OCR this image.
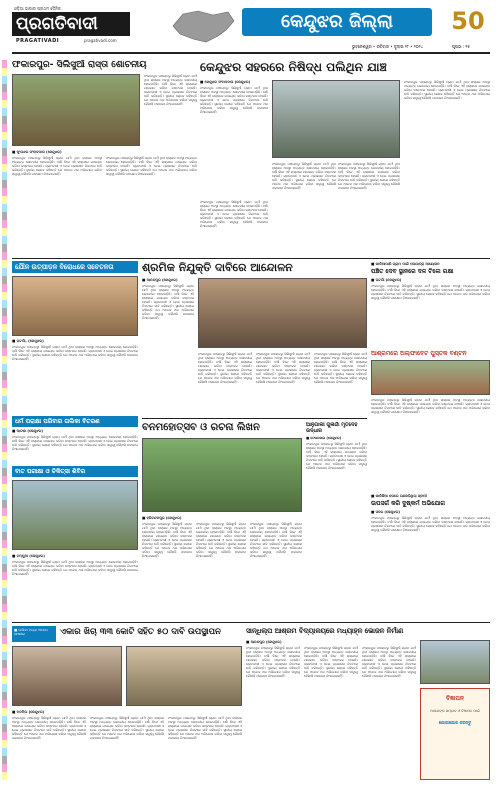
ଓଡ଼ିଆ ଭାଷାର ପ୍ରଥମ ଦୈନିକ
ପ୍ରଗତିବାଦୀ
PRAGATIVADI	pragativadi.com
କେନ୍ଦୁଝର ଜିଲ୍ଲା	50
ଭୁବନେଶ୍ୱର • ରବିବାର • ଜୁଲାଇ ୨୮ • ୨୦୨୪	ପୃଷ୍ଠା : ୧୫
ଫକାରପୁର- ସିଲିସୁଆଁ ରାସ୍ତା ଶୋଚନୀୟ
ଫକାରପୁର ପଞ୍ଚାୟତରୁ ସିଲିସୁଆଁ ଗ୍ରାମ ଯାଏଁ ଥିବା ରାସ୍ତାର ଅବସ୍ଥା ଅତ୍ୟନ୍ତ ଶୋଚନୀୟ ହୋଇପଡ଼ିଛି। ବର୍ଷା ଦିନେ ଏହି ରାସ୍ତାରେ ଯାତାୟାତ କରିବା କଷ୍ଟକର ହେଉଛି। ଗ୍ରାମବାସୀ ଏ ନେଇ ପ୍ରଶାସନ ନିକଟରେ ଦାବି କରିଛନ୍ତି। ସ୍ଥାନୀୟ ଲୋକେ କହିଛନ୍ତି ଯେ ଅନେକ ଥର ଅଭିଯୋଗ କରିବା ସତ୍ତ୍ୱେ କୌଣସି ପଦକ୍ଷେପ ନିଆଯାଇନାହିଁ।
■ ଫୁଲଝର ସଂବାଦଦାତା (କେନ୍ଦୁଝର)
ଫକାରପୁର ପଞ୍ଚାୟତରୁ ସିଲିସୁଆଁ ଗ୍ରାମ ଯାଏଁ ଥିବା ରାସ୍ତାର ଅବସ୍ଥା ଅତ୍ୟନ୍ତ ଶୋଚନୀୟ ହୋଇପଡ଼ିଛି। ବର୍ଷା ଦିନେ ଏହି ରାସ୍ତାରେ ଯାତାୟାତ କରିବା କଷ୍ଟକର ହେଉଛି। ଗ୍ରାମବାସୀ ଏ ନେଇ ପ୍ରଶାସନ ନିକଟରେ ଦାବି କରିଛନ୍ତି। ସ୍ଥାନୀୟ ଲୋକେ କହିଛନ୍ତି ଯେ ଅନେକ ଥର ଅଭିଯୋଗ କରିବା ସତ୍ତ୍ୱେ କୌଣସି ପଦକ୍ଷେପ ନିଆଯାଇନାହିଁ।
ଫକାରପୁର ପଞ୍ଚାୟତରୁ ସିଲିସୁଆଁ ଗ୍ରାମ ଯାଏଁ ଥିବା ରାସ୍ତାର ଅବସ୍ଥା ଅତ୍ୟନ୍ତ ଶୋଚନୀୟ ହୋଇପଡ଼ିଛି। ବର୍ଷା ଦିନେ ଏହି ରାସ୍ତାରେ ଯାତାୟାତ କରିବା କଷ୍ଟକର ହେଉଛି। ଗ୍ରାମବାସୀ ଏ ନେଇ ପ୍ରଶାସନ ନିକଟରେ ଦାବି କରିଛନ୍ତି। ସ୍ଥାନୀୟ ଲୋକେ କହିଛନ୍ତି ଯେ ଅନେକ ଥର ଅଭିଯୋଗ କରିବା ସତ୍ତ୍ୱେ କୌଣସି ପଦକ୍ଷେପ ନିଆଯାଇନାହିଁ।
କେନ୍ଦୁଝର ସହରରେ ନିଷିଦ୍ଧ ପଲିଥିନ ଯାଞ୍ଚ
■ କେନ୍ଦୁଝର ସଂବାଦଦାତା (କେନ୍ଦୁଝର)
ଫକାରପୁର ପଞ୍ଚାୟତରୁ ସିଲିସୁଆଁ ଗ୍ରାମ ଯାଏଁ ଥିବା ରାସ୍ତାର ଅବସ୍ଥା ଅତ୍ୟନ୍ତ ଶୋଚନୀୟ ହୋଇପଡ଼ିଛି। ବର୍ଷା ଦିନେ ଏହି ରାସ୍ତାରେ ଯାତାୟାତ କରିବା କଷ୍ଟକର ହେଉଛି। ଗ୍ରାମବାସୀ ଏ ନେଇ ପ୍ରଶାସନ ନିକଟରେ ଦାବି କରିଛନ୍ତି। ସ୍ଥାନୀୟ ଲୋକେ କହିଛନ୍ତି ଯେ ଅନେକ ଥର ଅଭିଯୋଗ କରିବା ସତ୍ତ୍ୱେ କୌଣସି ପଦକ୍ଷେପ ନିଆଯାଇନାହିଁ।
ଫକାରପୁର ପଞ୍ଚାୟତରୁ ସିଲିସୁଆଁ ଗ୍ରାମ ଯାଏଁ ଥିବା ରାସ୍ତାର ଅବସ୍ଥା ଅତ୍ୟନ୍ତ ଶୋଚନୀୟ ହୋଇପଡ଼ିଛି। ବର୍ଷା ଦିନେ ଏହି ରାସ୍ତାରେ ଯାତାୟାତ କରିବା କଷ୍ଟକର ହେଉଛି। ଗ୍ରାମବାସୀ ଏ ନେଇ ପ୍ରଶାସନ ନିକଟରେ ଦାବି କରିଛନ୍ତି। ସ୍ଥାନୀୟ ଲୋକେ କହିଛନ୍ତି ଯେ ଅନେକ ଥର ଅଭିଯୋଗ କରିବା ସତ୍ତ୍ୱେ କୌଣସି ପଦକ୍ଷେପ ନିଆଯାଇନାହିଁ।
ଫକାରପୁର ପଞ୍ଚାୟତରୁ ସିଲିସୁଆଁ ଗ୍ରାମ ଯାଏଁ ଥିବା ରାସ୍ତାର ଅବସ୍ଥା ଅତ୍ୟନ୍ତ ଶୋଚନୀୟ ହୋଇପଡ଼ିଛି। ବର୍ଷା ଦିନେ ଏହି ରାସ୍ତାରେ ଯାତାୟାତ କରିବା କଷ୍ଟକର ହେଉଛି। ଗ୍ରାମବାସୀ ଏ ନେଇ ପ୍ରଶାସନ ନିକଟରେ ଦାବି କରିଛନ୍ତି। ସ୍ଥାନୀୟ ଲୋକେ କହିଛନ୍ତି ଯେ ଅନେକ ଥର ଅଭିଯୋଗ କରିବା ସତ୍ତ୍ୱେ କୌଣସି ପଦକ୍ଷେପ ନିଆଯାଇନାହିଁ।
ଫକାରପୁର ପଞ୍ଚାୟତରୁ ସିଲିସୁଆଁ ଗ୍ରାମ ଯାଏଁ ଥିବା ରାସ୍ତାର ଅବସ୍ଥା ଅତ୍ୟନ୍ତ ଶୋଚନୀୟ ହୋଇପଡ଼ିଛି। ବର୍ଷା ଦିନେ ଏହି ରାସ୍ତାରେ ଯାତାୟାତ କରିବା କଷ୍ଟକର ହେଉଛି। ଗ୍ରାମବାସୀ ଏ ନେଇ ପ୍ରଶାସନ ନିକଟରେ ଦାବି କରିଛନ୍ତି। ସ୍ଥାନୀୟ ଲୋକେ କହିଛନ୍ତି ଯେ ଅନେକ ଥର ଅଭିଯୋଗ କରିବା ସତ୍ତ୍ୱେ କୌଣସି ପଦକ୍ଷେପ ନିଆଯାଇନାହିଁ।
ଫକାରପୁର ପଞ୍ଚାୟତରୁ ସିଲିସୁଆଁ ଗ୍ରାମ ଯାଏଁ ଥିବା ରାସ୍ତାର ଅବସ୍ଥା ଅତ୍ୟନ୍ତ ଶୋଚନୀୟ ହୋଇପଡ଼ିଛି। ବର୍ଷା ଦିନେ ଏହି ରାସ୍ତାରେ ଯାତାୟାତ କରିବା କଷ୍ଟକର ହେଉଛି। ଗ୍ରାମବାସୀ ଏ ନେଇ ପ୍ରଶାସନ ନିକଟରେ ଦାବି କରିଛନ୍ତି। ସ୍ଥାନୀୟ ଲୋକେ କହିଛନ୍ତି ଯେ ଅନେକ ଥର ଅଭିଯୋଗ କରିବା ସତ୍ତ୍ୱେ କୌଣସି ପଦକ୍ଷେପ ନିଆଯାଇନାହିଁ।
ଯୌନ ଉତ୍ପୀଡ଼ନ ବିରୋଧରେ ସଚେତନତା
■ ଘଟଗାଁ, (କେନ୍ଦୁଝର)
ଫକାରପୁର ପଞ୍ଚାୟତରୁ ସିଲିସୁଆଁ ଗ୍ରାମ ଯାଏଁ ଥିବା ରାସ୍ତାର ଅବସ୍ଥା ଅତ୍ୟନ୍ତ ଶୋଚନୀୟ ହୋଇପଡ଼ିଛି। ବର୍ଷା ଦିନେ ଏହି ରାସ୍ତାରେ ଯାତାୟାତ କରିବା କଷ୍ଟକର ହେଉଛି। ଗ୍ରାମବାସୀ ଏ ନେଇ ପ୍ରଶାସନ ନିକଟରେ ଦାବି କରିଛନ୍ତି। ସ୍ଥାନୀୟ ଲୋକେ କହିଛନ୍ତି ଯେ ଅନେକ ଥର ଅଭିଯୋଗ କରିବା ସତ୍ତ୍ୱେ କୌଣସି ପଦକ୍ଷେପ ନିଆଯାଇନାହିଁ।
ଶ୍ରମିକ ନିଯୁକ୍ତି ଦାବିରେ ଆନ୍ଦୋଳନ
■ ଆନନ୍ଦପୁର (କେନ୍ଦୁଝର)
ଫକାରପୁର ପଞ୍ଚାୟତରୁ ସିଲିସୁଆଁ ଗ୍ରାମ ଯାଏଁ ଥିବା ରାସ୍ତାର ଅବସ୍ଥା ଅତ୍ୟନ୍ତ ଶୋଚନୀୟ ହୋଇପଡ଼ିଛି। ବର୍ଷା ଦିନେ ଏହି ରାସ୍ତାରେ ଯାତାୟାତ କରିବା କଷ୍ଟକର ହେଉଛି। ଗ୍ରାମବାସୀ ଏ ନେଇ ପ୍ରଶାସନ ନିକଟରେ ଦାବି କରିଛନ୍ତି। ସ୍ଥାନୀୟ ଲୋକେ କହିଛନ୍ତି ଯେ ଅନେକ ଥର ଅଭିଯୋଗ କରିବା ସତ୍ତ୍ୱେ କୌଣସି ପଦକ୍ଷେପ ନିଆଯାଇନାହିଁ।
ଫକାରପୁର ପଞ୍ଚାୟତରୁ ସିଲିସୁଆଁ ଗ୍ରାମ ଯାଏଁ ଥିବା ରାସ୍ତାର ଅବସ୍ଥା ଅତ୍ୟନ୍ତ ଶୋଚନୀୟ ହୋଇପଡ଼ିଛି। ବର୍ଷା ଦିନେ ଏହି ରାସ୍ତାରେ ଯାତାୟାତ କରିବା କଷ୍ଟକର ହେଉଛି। ଗ୍ରାମବାସୀ ଏ ନେଇ ପ୍ରଶାସନ ନିକଟରେ ଦାବି କରିଛନ୍ତି। ସ୍ଥାନୀୟ ଲୋକେ କହିଛନ୍ତି ଯେ ଅନେକ ଥର ଅଭିଯୋଗ କରିବା ସତ୍ତ୍ୱେ କୌଣସି ପଦକ୍ଷେପ ନିଆଯାଇନାହିଁ।
ଫକାରପୁର ପଞ୍ଚାୟତରୁ ସିଲିସୁଆଁ ଗ୍ରାମ ଯାଏଁ ଥିବା ରାସ୍ତାର ଅବସ୍ଥା ଅତ୍ୟନ୍ତ ଶୋଚନୀୟ ହୋଇପଡ଼ିଛି। ବର୍ଷା ଦିନେ ଏହି ରାସ୍ତାରେ ଯାତାୟାତ କରିବା କଷ୍ଟକର ହେଉଛି। ଗ୍ରାମବାସୀ ଏ ନେଇ ପ୍ରଶାସନ ନିକଟରେ ଦାବି କରିଛନ୍ତି। ସ୍ଥାନୀୟ ଲୋକେ କହିଛନ୍ତି ଯେ ଅନେକ ଥର ଅଭିଯୋଗ କରିବା ସତ୍ତ୍ୱେ କୌଣସି ପଦକ୍ଷେପ ନିଆଯାଇନାହିଁ।
ଫକାରପୁର ପଞ୍ଚାୟତରୁ ସିଲିସୁଆଁ ଗ୍ରାମ ଯାଏଁ ଥିବା ରାସ୍ତାର ଅବସ୍ଥା ଅତ୍ୟନ୍ତ ଶୋଚନୀୟ ହୋଇପଡ଼ିଛି। ବର୍ଷା ଦିନେ ଏହି ରାସ୍ତାରେ ଯାତାୟାତ କରିବା କଷ୍ଟକର ହେଉଛି। ଗ୍ରାମବାସୀ ଏ ନେଇ ପ୍ରଶାସନ ନିକଟରେ ଦାବି କରିଛନ୍ତି। ସ୍ଥାନୀୟ ଲୋକେ କହିଛନ୍ତି ଯେ ଅନେକ ଥର ଅଭିଯୋଗ କରିବା ସତ୍ତ୍ୱେ କୌଣସି ପଦକ୍ଷେପ ନିଆଯାଇନାହିଁ।
■ କାଳିଆପାଣି ଗ୍ରାମ ପାଇଁ ପଦଯାତ୍ରା ଆୟୋଜନ
ପଞ୍ଚିତ ଦେବ ସ୍ଥାନରେ ଦଳ ଟିଲେ ରକ୍ଷା
■ ଘଟଗାଁ (କେନ୍ଦୁଝର)
ଫକାରପୁର ପଞ୍ଚାୟତରୁ ସିଲିସୁଆଁ ଗ୍ରାମ ଯାଏଁ ଥିବା ରାସ୍ତାର ଅବସ୍ଥା ଅତ୍ୟନ୍ତ ଶୋଚନୀୟ ହୋଇପଡ଼ିଛି। ବର୍ଷା ଦିନେ ଏହି ରାସ୍ତାରେ ଯାତାୟାତ କରିବା କଷ୍ଟକର ହେଉଛି। ଗ୍ରାମବାସୀ ଏ ନେଇ ପ୍ରଶାସନ ନିକଟରେ ଦାବି କରିଛନ୍ତି। ସ୍ଥାନୀୟ ଲୋକେ କହିଛନ୍ତି ଯେ ଅନେକ ଥର ଅଭିଯୋଗ କରିବା ସତ୍ତ୍ୱେ କୌଣସି ପଦକ୍ଷେପ ନିଆଯାଇନାହିଁ।
ଆଶ୍ରମରେ ଅଲ୍ଫାବେଟ ପୁସ୍ତକ ବଣ୍ଟନ
ଧର୍ମ ପରାକ୍ଷା ପରିବାର ତାଲିକା ବିତରଣ
■ ପାଟଣା (କେନ୍ଦୁଝର)
ଫକାରପୁର ପଞ୍ଚାୟତରୁ ସିଲିସୁଆଁ ଗ୍ରାମ ଯାଏଁ ଥିବା ରାସ୍ତାର ଅବସ୍ଥା ଅତ୍ୟନ୍ତ ଶୋଚନୀୟ ହୋଇପଡ଼ିଛି। ବର୍ଷା ଦିନେ ଏହି ରାସ୍ତାରେ ଯାତାୟାତ କରିବା କଷ୍ଟକର ହେଉଛି। ଗ୍ରାମବାସୀ ଏ ନେଇ ପ୍ରଶାସନ ନିକଟରେ ଦାବି କରିଛନ୍ତି। ସ୍ଥାନୀୟ ଲୋକେ କହିଛନ୍ତି ଯେ ଅନେକ ଥର ଅଭିଯୋଗ କରିବା ସତ୍ତ୍ୱେ କୌଣସି ପଦକ୍ଷେପ ନିଆଯାଇନାହିଁ।
ବନମହୋତ୍ସବ ଓ ରଚନା ଲିଖନ
■ ହରିଚନ୍ଦନପୁର (କେନ୍ଦୁଝର)
ଫକାରପୁର ପଞ୍ଚାୟତରୁ ସିଲିସୁଆଁ ଗ୍ରାମ ଯାଏଁ ଥିବା ରାସ୍ତାର ଅବସ୍ଥା ଅତ୍ୟନ୍ତ ଶୋଚନୀୟ ହୋଇପଡ଼ିଛି। ବର୍ଷା ଦିନେ ଏହି ରାସ୍ତାରେ ଯାତାୟାତ କରିବା କଷ୍ଟକର ହେଉଛି। ଗ୍ରାମବାସୀ ଏ ନେଇ ପ୍ରଶାସନ ନିକଟରେ ଦାବି କରିଛନ୍ତି। ସ୍ଥାନୀୟ ଲୋକେ କହିଛନ୍ତି ଯେ ଅନେକ ଥର ଅଭିଯୋଗ କରିବା ସତ୍ତ୍ୱେ କୌଣସି ପଦକ୍ଷେପ ନିଆଯାଇନାହିଁ।
ଫକାରପୁର ପଞ୍ଚାୟତରୁ ସିଲିସୁଆଁ ଗ୍ରାମ ଯାଏଁ ଥିବା ରାସ୍ତାର ଅବସ୍ଥା ଅତ୍ୟନ୍ତ ଶୋଚନୀୟ ହୋଇପଡ଼ିଛି। ବର୍ଷା ଦିନେ ଏହି ରାସ୍ତାରେ ଯାତାୟାତ କରିବା କଷ୍ଟକର ହେଉଛି। ଗ୍ରାମବାସୀ ଏ ନେଇ ପ୍ରଶାସନ ନିକଟରେ ଦାବି କରିଛନ୍ତି। ସ୍ଥାନୀୟ ଲୋକେ କହିଛନ୍ତି ଯେ ଅନେକ ଥର ଅଭିଯୋଗ କରିବା ସତ୍ତ୍ୱେ କୌଣସି ପଦକ୍ଷେପ ନିଆଯାଇନାହିଁ।
ଫକାରପୁର ପଞ୍ଚାୟତରୁ ସିଲିସୁଆଁ ଗ୍ରାମ ଯାଏଁ ଥିବା ରାସ୍ତାର ଅବସ୍ଥା ଅତ୍ୟନ୍ତ ଶୋଚନୀୟ ହୋଇପଡ଼ିଛି। ବର୍ଷା ଦିନେ ଏହି ରାସ୍ତାରେ ଯାତାୟାତ କରିବା କଷ୍ଟକର ହେଉଛି। ଗ୍ରାମବାସୀ ଏ ନେଇ ପ୍ରଶାସନ ନିକଟରେ ଦାବି କରିଛନ୍ତି। ସ୍ଥାନୀୟ ଲୋକେ କହିଛନ୍ତି ଯେ ଅନେକ ଥର ଅଭିଯୋଗ କରିବା ସତ୍ତ୍ୱେ କୌଣସି ପଦକ୍ଷେପ ନିଆଯାଇନାହିଁ।
ଆନୁଗାଲୀ ଗୁଳାଗାଁ ମୃତଦେହ ଉଦ୍ଧାର
■ ଟେଲକୋଇ (କେନ୍ଦୁଝର)
ଫକାରପୁର ପଞ୍ଚାୟତରୁ ସିଲିସୁଆଁ ଗ୍ରାମ ଯାଏଁ ଥିବା ରାସ୍ତାର ଅବସ୍ଥା ଅତ୍ୟନ୍ତ ଶୋଚନୀୟ ହୋଇପଡ଼ିଛି। ବର୍ଷା ଦିନେ ଏହି ରାସ୍ତାରେ ଯାତାୟାତ କରିବା କଷ୍ଟକର ହେଉଛି। ଗ୍ରାମବାସୀ ଏ ନେଇ ପ୍ରଶାସନ ନିକଟରେ ଦାବି କରିଛନ୍ତି। ସ୍ଥାନୀୟ ଲୋକେ କହିଛନ୍ତି ଯେ ଅନେକ ଥର ଅଭିଯୋଗ କରିବା ସତ୍ତ୍ୱେ କୌଣସି ପଦକ୍ଷେପ ନିଆଯାଇନାହିଁ।
ବାତ ପରୀକ୍ଷା ଓ ଚିକିତ୍ସା ଶିବିର
■ ଚମ୍ପୁଆ (କେନ୍ଦୁଝର)
ଫକାରପୁର ପଞ୍ଚାୟତରୁ ସିଲିସୁଆଁ ଗ୍ରାମ ଯାଏଁ ଥିବା ରାସ୍ତାର ଅବସ୍ଥା ଅତ୍ୟନ୍ତ ଶୋଚନୀୟ ହୋଇପଡ଼ିଛି। ବର୍ଷା ଦିନେ ଏହି ରାସ୍ତାରେ ଯାତାୟାତ କରିବା କଷ୍ଟକର ହେଉଛି। ଗ୍ରାମବାସୀ ଏ ନେଇ ପ୍ରଶାସନ ନିକଟରେ ଦାବି କରିଛନ୍ତି। ସ୍ଥାନୀୟ ଲୋକେ କହିଛନ୍ତି ଯେ ଅନେକ ଥର ଅଭିଯୋଗ କରିବା ସତ୍ତ୍ୱେ କୌଣସି ପଦକ୍ଷେପ ନିଆଯାଇନାହିଁ।
ଫକାରପୁର ପଞ୍ଚାୟତରୁ ସିଲିସୁଆଁ ଗ୍ରାମ ଯାଏଁ ଥିବା ରାସ୍ତାର ଅବସ୍ଥା ଅତ୍ୟନ୍ତ ଶୋଚନୀୟ ହୋଇପଡ଼ିଛି। ବର୍ଷା ଦିନେ ଏହି ରାସ୍ତାରେ ଯାତାୟାତ କରିବା କଷ୍ଟକର ହେଉଛି। ଗ୍ରାମବାସୀ ଏ ନେଇ ପ୍ରଶାସନ ନିକଟରେ ଦାବି କରିଛନ୍ତି। ସ୍ଥାନୀୟ ଲୋକେ କହିଛନ୍ତି ଯେ ଅନେକ ଥର ଅଭିଯୋଗ କରିବା ସତ୍ତ୍ୱେ କୌଣସି ପଦକ୍ଷେପ ନିଆଯାଇନାହିଁ।
■ କାଳିକିଆ ହତାରେ ଗଣକରିଥିଲା ସ୍ବାମୀ
ଉପସର୍ଗ କରି ଦୁଷ୍କର୍ମ ଅଭିଯୋଗ
■ ସଦର (କେନ୍ଦୁଝର)
ଫକାରପୁର ପଞ୍ଚାୟତରୁ ସିଲିସୁଆଁ ଗ୍ରାମ ଯାଏଁ ଥିବା ରାସ୍ତାର ଅବସ୍ଥା ଅତ୍ୟନ୍ତ ଶୋଚନୀୟ ହୋଇପଡ଼ିଛି। ବର୍ଷା ଦିନେ ଏହି ରାସ୍ତାରେ ଯାତାୟାତ କରିବା କଷ୍ଟକର ହେଉଛି। ଗ୍ରାମବାସୀ ଏ ନେଇ ପ୍ରଶାସନ ନିକଟରେ ଦାବି କରିଛନ୍ତି। ସ୍ଥାନୀୟ ଲୋକେ କହିଛନ୍ତି ଯେ ଅନେକ ଥର ଅଭିଯୋଗ କରିବା ସତ୍ତ୍ୱେ କୌଣସି ପଦକ୍ଷେପ ନିଆଯାଇନାହିଁ।
■ ଜାଲିକା ହତ୍ୟା ଆବେଗ ଭାଷାରେ	ଏକାର ଖିଚା ୩୩ କୋଟି ସହିତ ୫୦ ଦାବି ଉପସ୍ଥାପନ
■ ବଡବିଲ (କେନ୍ଦୁଝର)
ଫକାରପୁର ପଞ୍ଚାୟତରୁ ସିଲିସୁଆଁ ଗ୍ରାମ ଯାଏଁ ଥିବା ରାସ୍ତାର ଅବସ୍ଥା ଅତ୍ୟନ୍ତ ଶୋଚନୀୟ ହୋଇପଡ଼ିଛି। ବର୍ଷା ଦିନେ ଏହି ରାସ୍ତାରେ ଯାତାୟାତ କରିବା କଷ୍ଟକର ହେଉଛି। ଗ୍ରାମବାସୀ ଏ ନେଇ ପ୍ରଶାସନ ନିକଟରେ ଦାବି କରିଛନ୍ତି। ସ୍ଥାନୀୟ ଲୋକେ କହିଛନ୍ତି ଯେ ଅନେକ ଥର ଅଭିଯୋଗ କରିବା ସତ୍ତ୍ୱେ କୌଣସି ପଦକ୍ଷେପ ନିଆଯାଇନାହିଁ।
ଫକାରପୁର ପଞ୍ଚାୟତରୁ ସିଲିସୁଆଁ ଗ୍ରାମ ଯାଏଁ ଥିବା ରାସ୍ତାର ଅବସ୍ଥା ଅତ୍ୟନ୍ତ ଶୋଚନୀୟ ହୋଇପଡ଼ିଛି। ବର୍ଷା ଦିନେ ଏହି ରାସ୍ତାରେ ଯାତାୟାତ କରିବା କଷ୍ଟକର ହେଉଛି। ଗ୍ରାମବାସୀ ଏ ନେଇ ପ୍ରଶାସନ ନିକଟରେ ଦାବି କରିଛନ୍ତି। ସ୍ଥାନୀୟ ଲୋକେ କହିଛନ୍ତି ଯେ ଅନେକ ଥର ଅଭିଯୋଗ କରିବା ସତ୍ତ୍ୱେ କୌଣସି ପଦକ୍ଷେପ ନିଆଯାଇନାହିଁ।
ଫକାରପୁର ପଞ୍ଚାୟତରୁ ସିଲିସୁଆଁ ଗ୍ରାମ ଯାଏଁ ଥିବା ରାସ୍ତାର ଅବସ୍ଥା ଅତ୍ୟନ୍ତ ଶୋଚନୀୟ ହୋଇପଡ଼ିଛି। ବର୍ଷା ଦିନେ ଏହି ରାସ୍ତାରେ ଯାତାୟାତ କରିବା କଷ୍ଟକର ହେଉଛି। ଗ୍ରାମବାସୀ ଏ ନେଇ ପ୍ରଶାସନ ନିକଟରେ ଦାବି କରିଛନ୍ତି। ସ୍ଥାନୀୟ ଲୋକେ କହିଛନ୍ତି ଯେ ଅନେକ ଥର ଅଭିଯୋଗ କରିବା ସତ୍ତ୍ୱେ କୌଣସି ପଦକ୍ଷେପ ନିଆଯାଇନାହିଁ।
ସାନ୍ଧିଲ୍ପ ଆଶ୍ରମ ବିଦ୍ୟାଳୟରେ ମଧ୍ୟାହ୍ନ ଭୋଜନ ନିର୍ମାଣ
■ ଆନନ୍ଦପୁର (କେନ୍ଦୁଝର)
ଫକାରପୁର ପଞ୍ଚାୟତରୁ ସିଲିସୁଆଁ ଗ୍ରାମ ଯାଏଁ ଥିବା ରାସ୍ତାର ଅବସ୍ଥା ଅତ୍ୟନ୍ତ ଶୋଚନୀୟ ହୋଇପଡ଼ିଛି। ବର୍ଷା ଦିନେ ଏହି ରାସ୍ତାରେ ଯାତାୟାତ କରିବା କଷ୍ଟକର ହେଉଛି। ଗ୍ରାମବାସୀ ଏ ନେଇ ପ୍ରଶାସନ ନିକଟରେ ଦାବି କରିଛନ୍ତି। ସ୍ଥାନୀୟ ଲୋକେ କହିଛନ୍ତି ଯେ ଅନେକ ଥର ଅଭିଯୋଗ କରିବା ସତ୍ତ୍ୱେ କୌଣସି ପଦକ୍ଷେପ ନିଆଯାଇନାହିଁ।
ଫକାରପୁର ପଞ୍ଚାୟତରୁ ସିଲିସୁଆଁ ଗ୍ରାମ ଯାଏଁ ଥିବା ରାସ୍ତାର ଅବସ୍ଥା ଅତ୍ୟନ୍ତ ଶୋଚନୀୟ ହୋଇପଡ଼ିଛି। ବର୍ଷା ଦିନେ ଏହି ରାସ୍ତାରେ ଯାତାୟାତ କରିବା କଷ୍ଟକର ହେଉଛି। ଗ୍ରାମବାସୀ ଏ ନେଇ ପ୍ରଶାସନ ନିକଟରେ ଦାବି କରିଛନ୍ତି। ସ୍ଥାନୀୟ ଲୋକେ କହିଛନ୍ତି ଯେ ଅନେକ ଥର ଅଭିଯୋଗ କରିବା ସତ୍ତ୍ୱେ କୌଣସି ପଦକ୍ଷେପ ନିଆଯାଇନାହିଁ।
ଫକାରପୁର ପଞ୍ଚାୟତରୁ ସିଲିସୁଆଁ ଗ୍ରାମ ଯାଏଁ ଥିବା ରାସ୍ତାର ଅବସ୍ଥା ଅତ୍ୟନ୍ତ ଶୋଚନୀୟ ହୋଇପଡ଼ିଛି। ବର୍ଷା ଦିନେ ଏହି ରାସ୍ତାରେ ଯାତାୟାତ କରିବା କଷ୍ଟକର ହେଉଛି। ଗ୍ରାମବାସୀ ଏ ନେଇ ପ୍ରଶାସନ ନିକଟରେ ଦାବି କରିଛନ୍ତି। ସ୍ଥାନୀୟ ଲୋକେ କହିଛନ୍ତି ଯେ ଅନେକ ଥର ଅଭିଯୋଗ କରିବା ସତ୍ତ୍ୱେ କୌଣସି ପଦକ୍ଷେପ ନିଆଯାଇନାହିଁ।
ବିଜ୍ଞାପନ
ଆପଣଙ୍କ ସମ୍ବାଦ ଓ ବିଜ୍ଞାପନ ପାଇଁ
ଯୋଗାଯୋଗ କରନ୍ତୁ
